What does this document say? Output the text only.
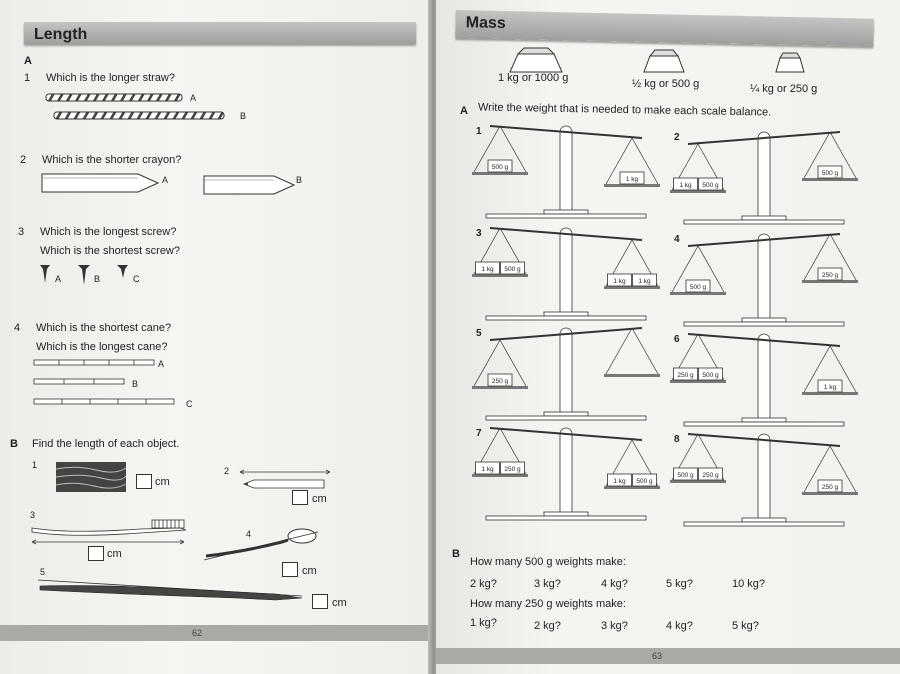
Length
A
1 Which is the longer straw?
A
B
2 Which is the shorter crayon?
A	B
3 Which is the longest screw?
Which is the shortest screw?
A	B	C
4 Which is the shortest cane?
Which is the longest cane?
A
B
C
B Find the length of each object.
1
cm
2
cm
3
cm
4
cm
5
cm
62
Mass
1 kg or 1000 g	½ kg or 500 g	¼ kg or 250 g
A Write the weight that is needed to make each scale balance.
1
500 g
1 kg
2
1 kg 500 g
500 g
3
1 kg 500 g
1 kg 1 kg
4
500 g
250 g
5
250 g
6
250 g 500 g
1 kg
7
1 kg 250 g
1 kg 500 g
8
500 g 250 g
250 g
B
How many 500 g weights make:
2 kg?	3 kg?	4 kg?	5 kg?	10 kg?
How many 250 g weights make:
1 kg?	2 kg?	3 kg?	4 kg?	5 kg?
63
